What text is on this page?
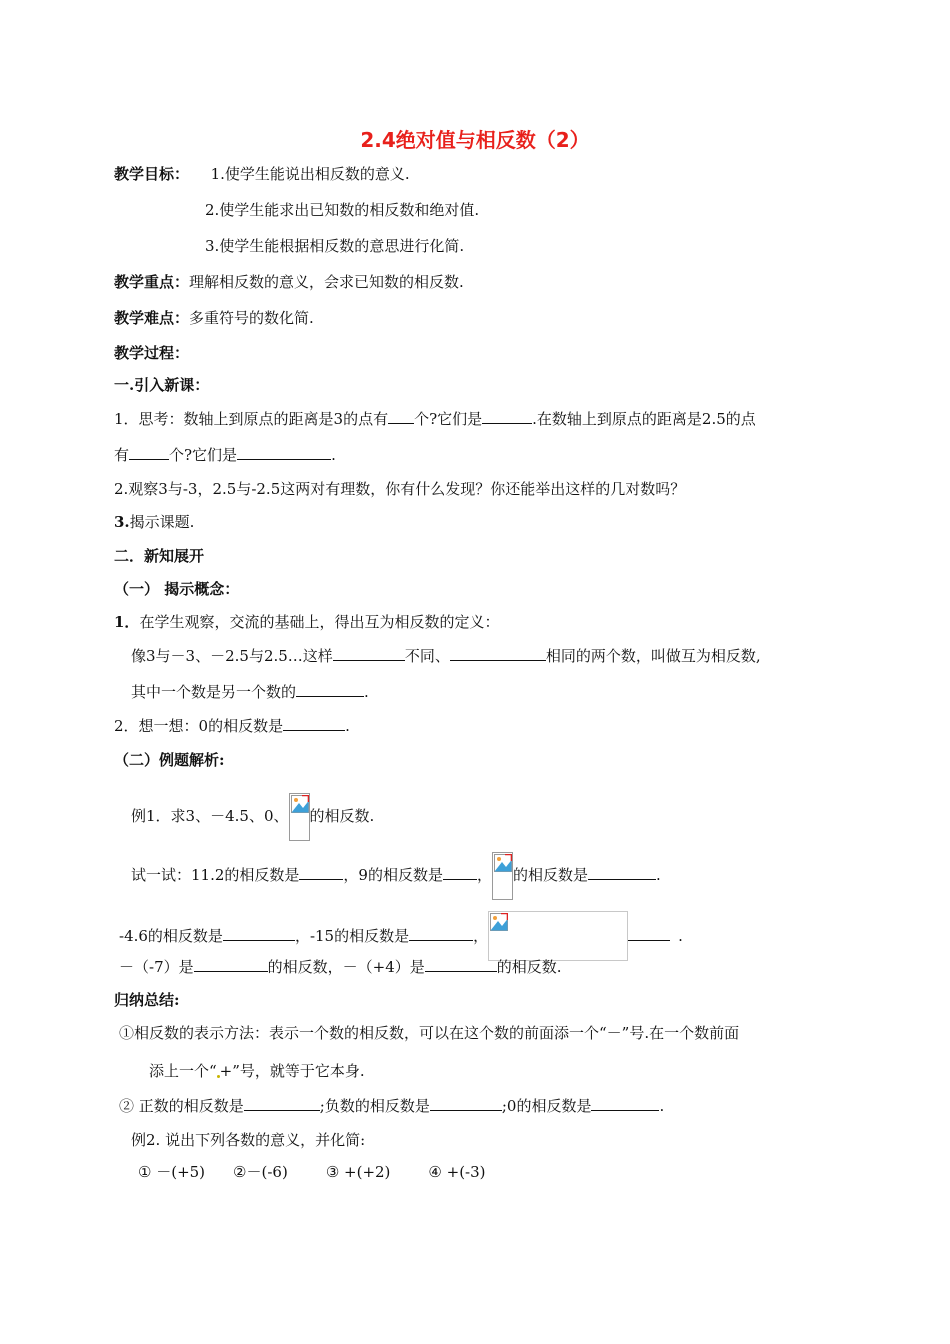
2.4绝对值与相反数（2）
教学目标： 1.使学生能说出相反数的意义.
2.使学生能求出已知数的相反数和绝对值.
3.使学生能根据相反数的意思进行化简.
教学重点：理解相反数的意义，会求已知数的相反数.
教学难点：多重符号的数化简.
教学过程：
一.引入新课：
1．思考：数轴上到原点的距离是3的点有 个?它们是	.在数轴上到原点的距离是2.5的点
有	个?它们是	.
2.观察3与-3，2.5与-2.5这两对有理数，你有什么发现？你还能举出这样的几对数吗？
3.揭示课题.
二．新知展开
（一） 揭示概念：
1．在学生观察，交流的基础上，得出互为相反数的定义：
像3与－3、－2.5与2.5…这样	不同、	相同的两个数，叫做互为相反数,
其中一个数是另一个数的	.
2．想一想：0的相反数是	.
（二）例题解析:
例1．求3、－4.5、0、 的相反数.
试一试：11.2的相反数是	，9的相反数是 ， 的相反数是	.
-4.6的相反数是	，-15的相反数是	，	.
－（-7）是	的相反数，－（+4）是	的相反数.
归纳总结:
①相反数的表示方法：表示一个数的相反数，可以在这个数的前面添一个“－”号.在一个数前面
添上一个“ +”号，就等于它本身.
② 正数的相反数是	;负数的相反数是	;0的相反数是	.
例2. 说出下列各数的意义，并化简:
① －(+5) ②－(-6)	③ +(+2)	④ +(-3)
